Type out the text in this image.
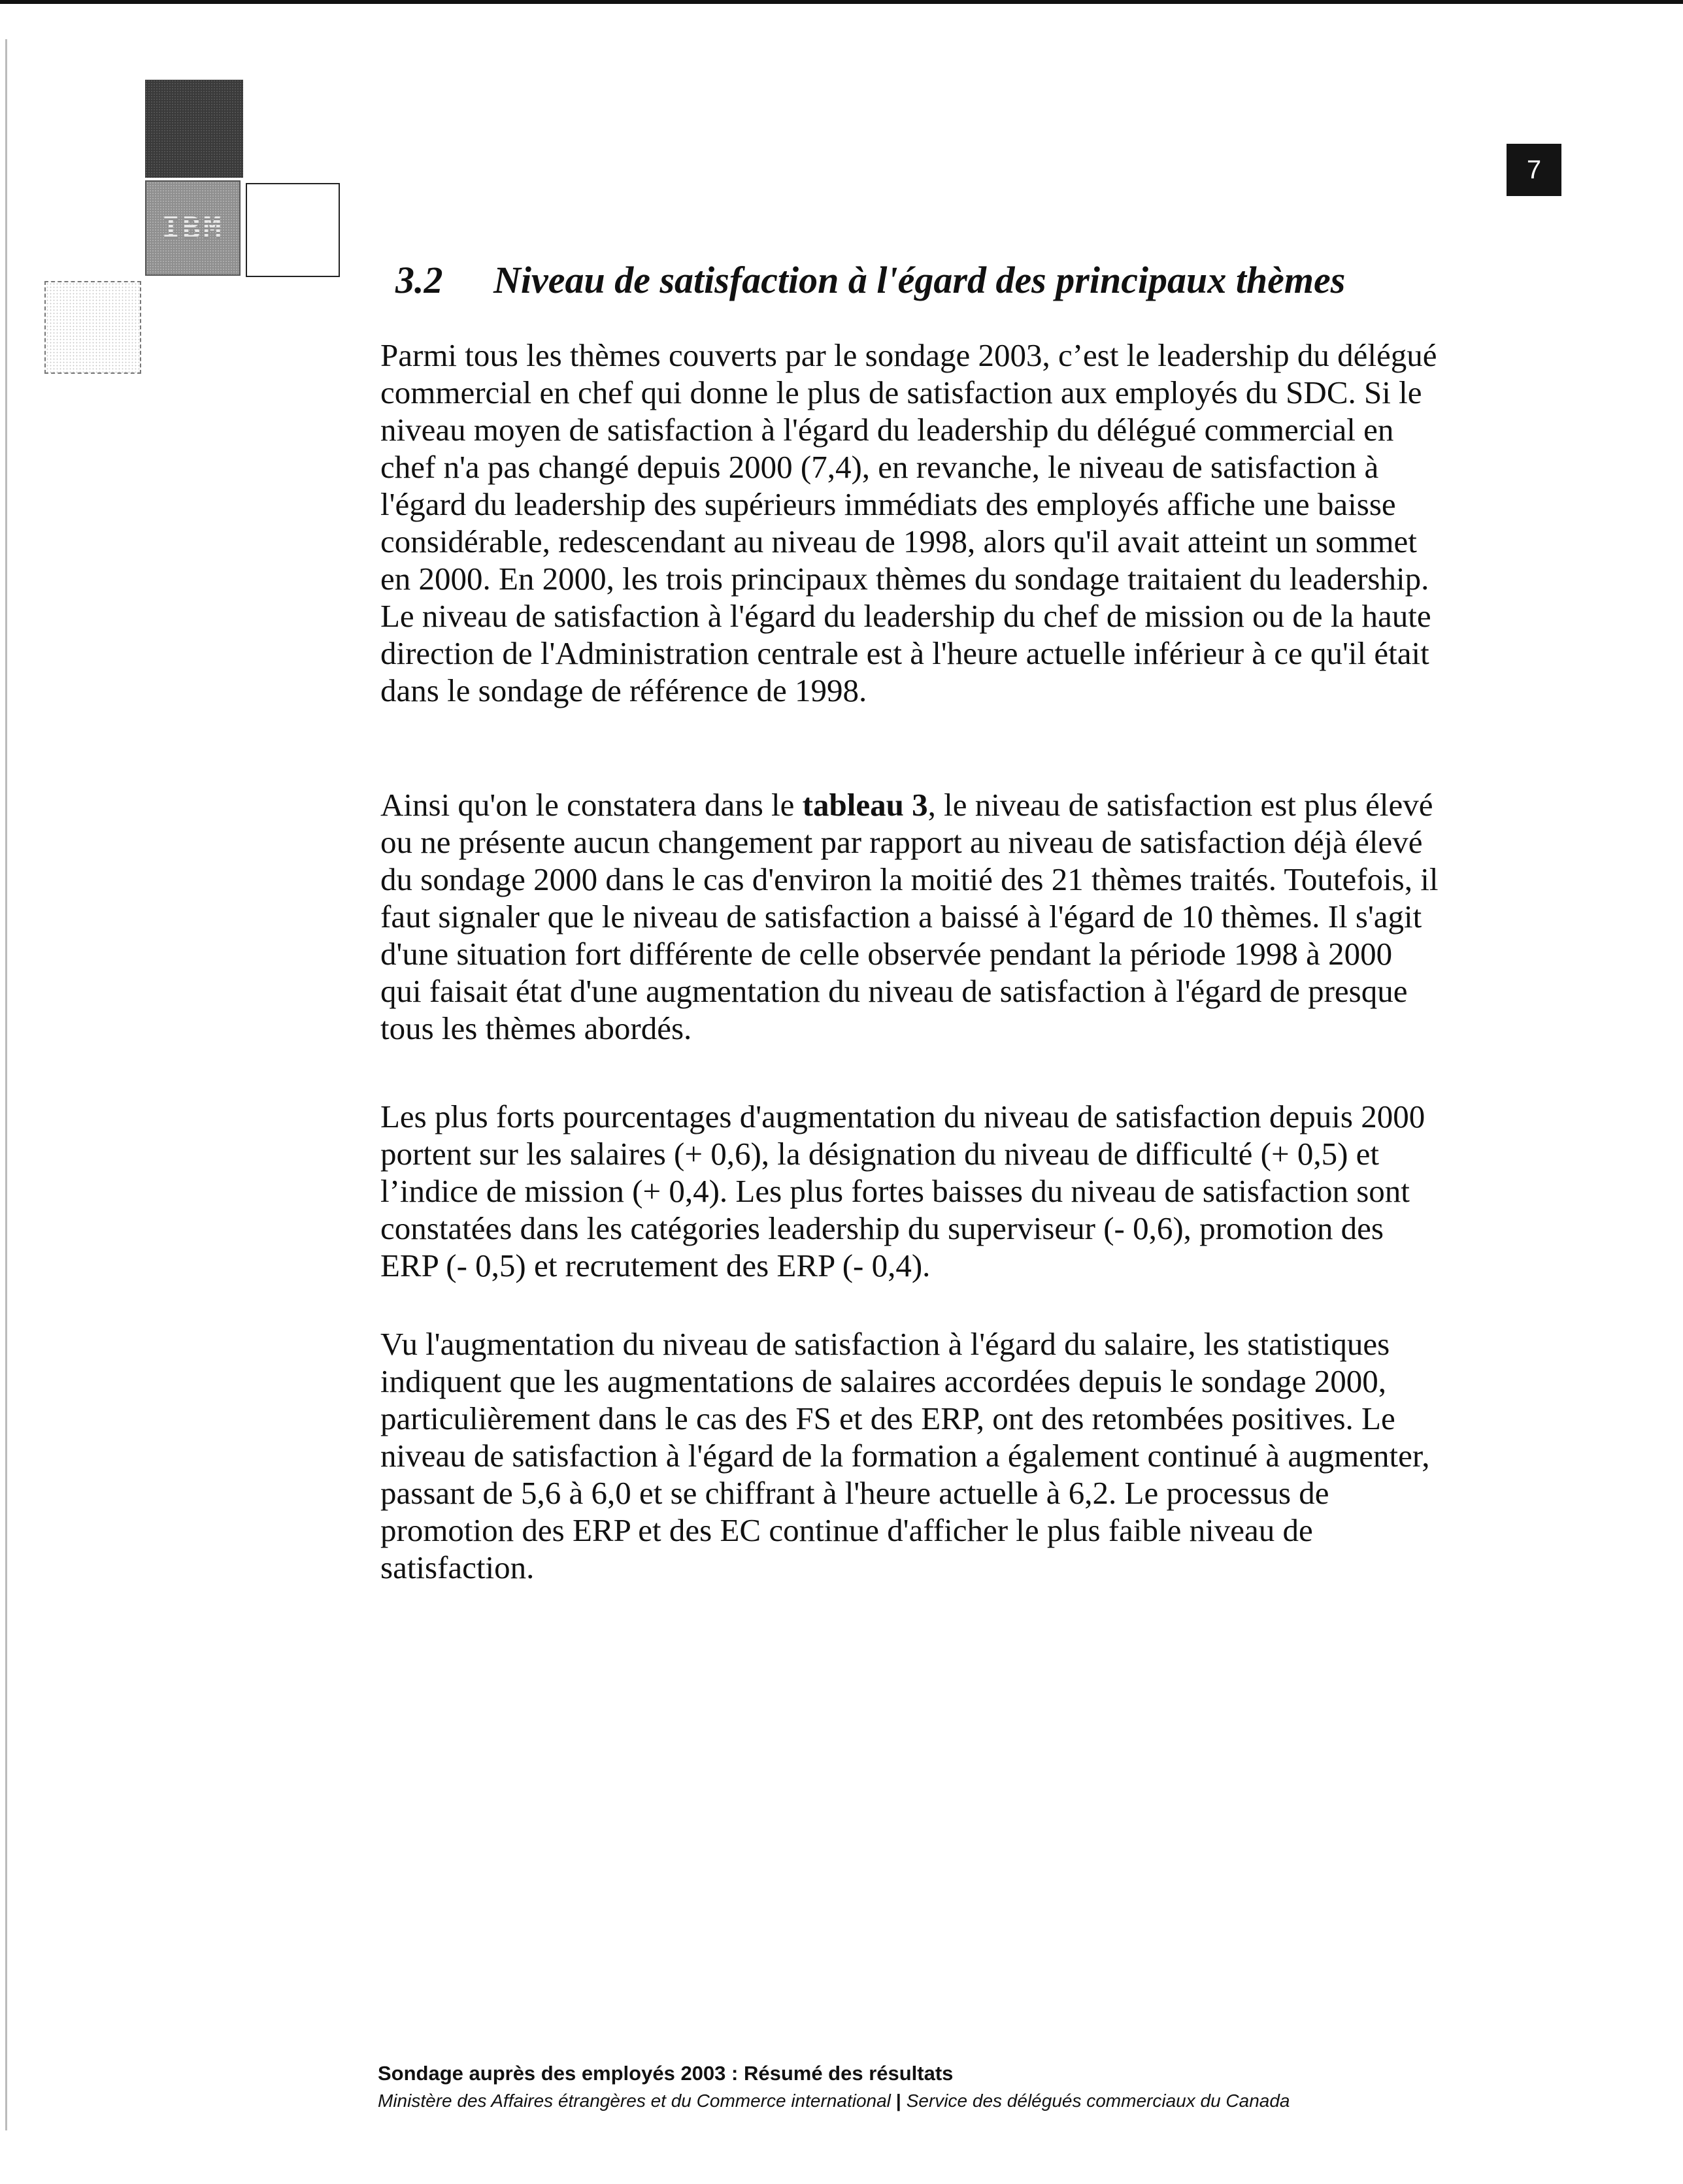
IBM
7
3.2 Niveau de satisfaction à l'égard des principaux thèmes

Parmi tous les thèmes couverts par le sondage 2003, c’est le leadership du délégué commercial en chef qui donne le plus de satisfaction aux employés du SDC. Si le niveau moyen de satisfaction à l'égard du leadership du délégué commercial en chef n'a pas changé depuis 2000 (7,4), en revanche, le niveau de satisfaction à l'égard du leadership des supérieurs immédiats des employés affiche une baisse considérable, redescendant au niveau de 1998, alors qu'il avait atteint un sommet en 2000. En 2000, les trois principaux thèmes du sondage traitaient du leadership. Le niveau de satisfaction à l'égard du leadership du chef de mission ou de la haute direction de l'Administration centrale est à l'heure actuelle inférieur à ce qu'il était dans le sondage de référence de 1998.

Ainsi qu'on le constatera dans le tableau 3, le niveau de satisfaction est plus élevé ou ne présente aucun changement par rapport au niveau de satisfaction déjà élevé du sondage 2000 dans le cas d'environ la moitié des 21 thèmes traités. Toutefois, il faut signaler que le niveau de satisfaction a baissé à l'égard de 10 thèmes. Il s'agit d'une situation fort différente de celle observée pendant la période 1998 à 2000 qui faisait état d'une augmentation du niveau de satisfaction à l'égard de presque tous les thèmes abordés.

Les plus forts pourcentages d'augmentation du niveau de satisfaction depuis 2000 portent sur les salaires (+ 0,6), la désignation du niveau de difficulté (+ 0,5) et l’indice de mission (+ 0,4). Les plus fortes baisses du niveau de satisfaction sont constatées dans les catégories leadership du superviseur (- 0,6), promotion des ERP (- 0,5) et recrutement des ERP (- 0,4).

Vu l'augmentation du niveau de satisfaction à l'égard du salaire, les statistiques indiquent que les augmentations de salaires accordées depuis le sondage 2000, particulièrement dans le cas des FS et des ERP, ont des retombées positives. Le niveau de satisfaction à l'égard de la formation a également continué à augmenter, passant de 5,6 à 6,0 et se chiffrant à l'heure actuelle à 6,2. Le processus de promotion des ERP et des EC continue d'afficher le plus faible niveau de satisfaction.

Sondage auprès des employés 2003 : Résumé des résultats

Ministère des Affaires étrangères et du Commerce international | Service des délégués commerciaux du Canada
